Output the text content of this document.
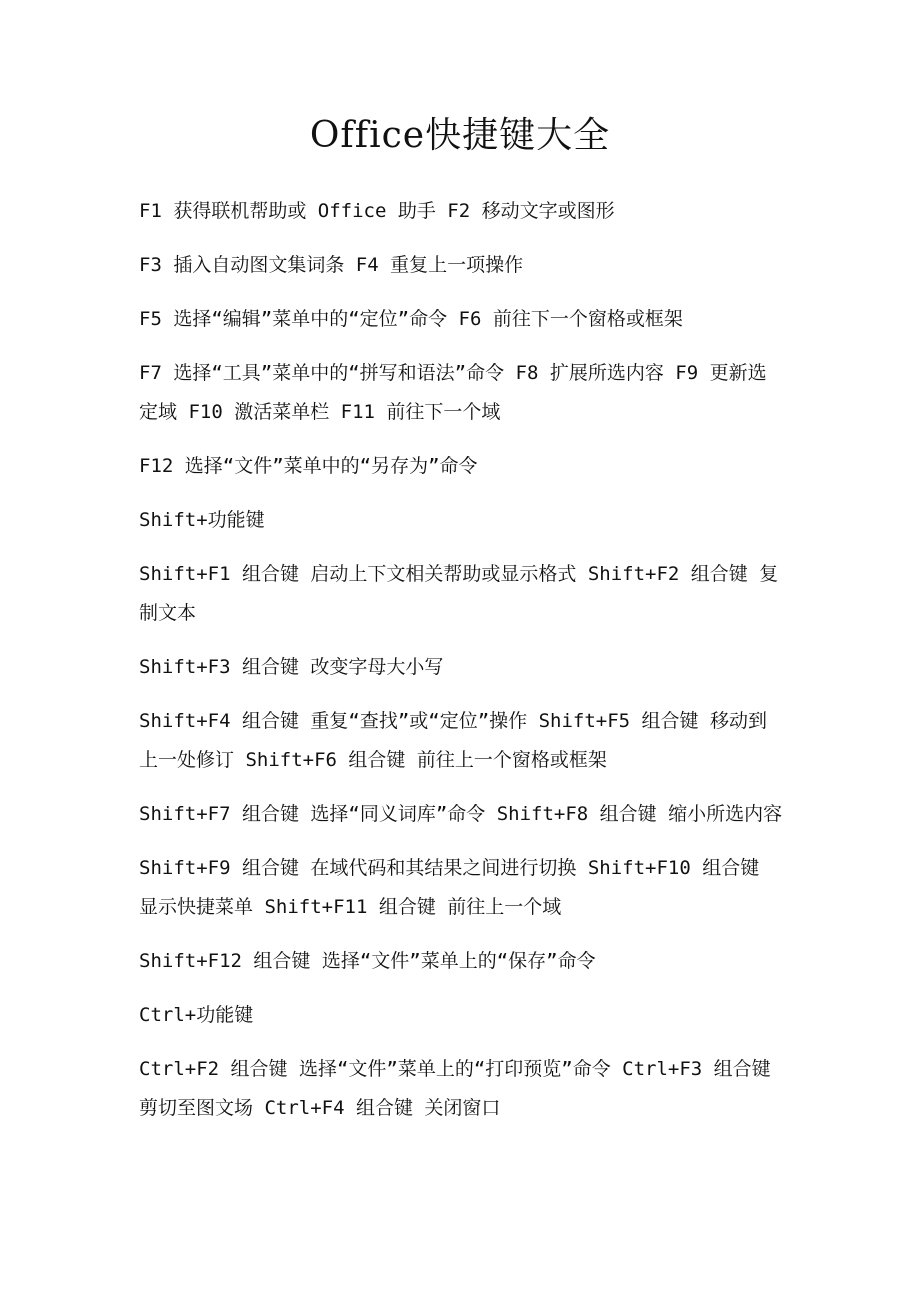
Office快捷键大全

F1 获得联机帮助或 Office 助手 F2 移动文字或图形

F3 插入自动图文集词条 F4 重复上一项操作

F5 选择“编辑”菜单中的“定位”命令 F6 前往下一个窗格或框架

F7 选择“工具”菜单中的“拼写和语法”命令 F8 扩展所选内容 F9 更新选定域 F10 激活菜单栏 F11 前往下一个域

F12 选择“文件”菜单中的“另存为”命令

Shift+功能键

Shift+F1 组合键 启动上下文相关帮助或显示格式 Shift+F2 组合键 复制文本

Shift+F3 组合键 改变字母大小写

Shift+F4 组合键 重复“查找”或“定位”操作 Shift+F5 组合键 移动到上一处修订 Shift+F6 组合键 前往上一个窗格或框架

Shift+F7 组合键 选择“同义词库”命令 Shift+F8 组合键 缩小所选内容

Shift+F9 组合键 在域代码和其结果之间进行切换 Shift+F10 组合键 显示快捷菜单 Shift+F11 组合键 前往上一个域

Shift+F12 组合键 选择“文件”菜单上的“保存”命令

Ctrl+功能键

Ctrl+F2 组合键 选择“文件”菜单上的“打印预览”命令 Ctrl+F3 组合键 剪切至图文场 Ctrl+F4 组合键 关闭窗口
